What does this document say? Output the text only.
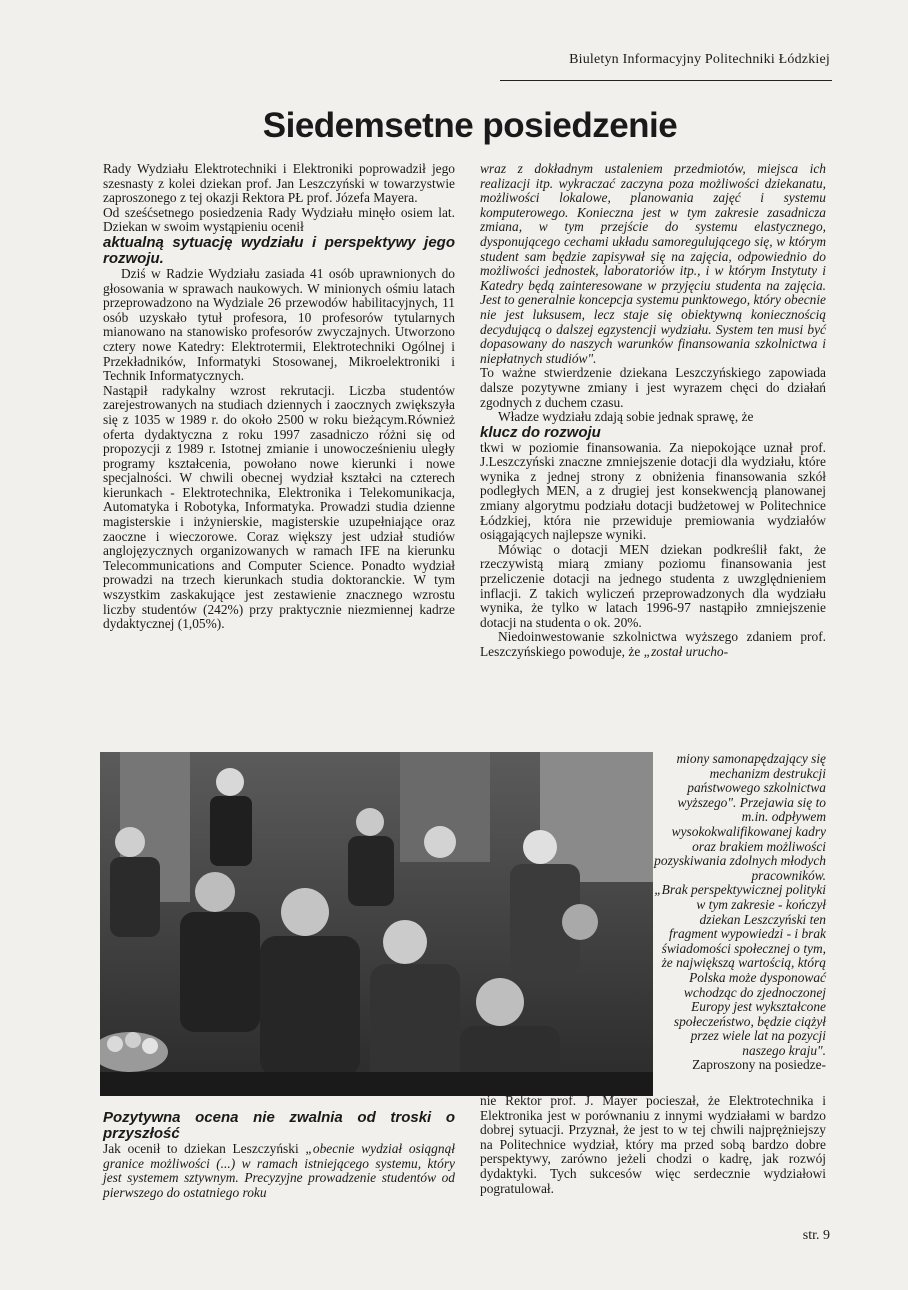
Biuletyn Informacyjny Politechniki Łódzkiej
Siedemsetne posiedzenie

Rady Wydziału Elektrotechniki i Elektroniki poprowadził jego szesnasty z kolei dziekan prof. Jan Leszczyński w towarzystwie zaproszonego z tej okazji Rektora PŁ prof. Józefa Mayera.

Od sześćsetnego posiedzenia Rady Wydziału minęło osiem lat. Dziekan w swoim wystąpieniu ocenił

aktualną sytuację wydziału i perspektywy jego rozwoju.

Dziś w Radzie Wydziału zasiada 41 osób uprawnionych do głosowania w sprawach naukowych. W minionych ośmiu latach przeprowadzono na Wydziale 26 przewodów habilitacyjnych, 11 osób uzyskało tytuł profesora, 10 profesorów tytularnych mianowano na stanowisko profesorów zwyczajnych. Utworzono cztery nowe Katedry: Elektrotermii, Elektrotechniki Ogólnej i Przekładników, Informatyki Stosowanej, Mikroelektroniki i Technik Informatycznych.

Nastąpił radykalny wzrost rekrutacji. Liczba studentów zarejestrowanych na studiach dziennych i zaocznych zwiększyła się z 1035 w 1989 r. do około 2500 w roku bieżącym.Również oferta dydaktyczna z roku 1997 zasadniczo różni się od propozycji z 1989 r. Istotnej zmianie i unowocześnieniu uległy programy kształcenia, powołano nowe kierunki i nowe specjalności. W chwili obecnej wydział kształci na czterech kierunkach - Elektrotechnika, Elektronika i Telekomunikacja, Automatyka i Robotyka, Informatyka. Prowadzi studia dzienne magisterskie i inżynierskie, magisterskie uzupełniające oraz zaoczne i wieczorowe. Coraz większy jest udział studiów anglojęzycznych organizowanych w ramach IFE na kierunku Telecommunications and Computer Science. Ponadto wydział prowadzi na trzech kierunkach studia doktoranckie. W tym wszystkim zaskakujące jest zestawienie znacznego wzrostu liczby studentów (242%) przy praktycznie niezmiennej kadrze dydaktycznej (1,05%).

wraz z dokładnym ustaleniem przedmiotów, miejsca ich realizacji itp. wykraczać zaczyna poza możliwości dziekanatu, możliwości lokalowe, planowania zajęć i systemu komputerowego. Konieczna jest w tym zakresie zasadnicza zmiana, w tym przejście do systemu elastycznego, dysponującego cechami układu samoregulującego się, w którym student sam będzie zapisywał się na zajęcia, odpowiednio do możliwości jednostek, laboratoriów itp., i w którym Instytuty i Katedry będą zainteresowane w przyjęciu studenta na zajęcia. Jest to generalnie koncepcja systemu punktowego, który obecnie nie jest luksusem, lecz staje się obiektywną koniecznością decydującą o dalszej egzystencji wydziału. System ten musi być dopasowany do naszych warunków finansowania szkolnictwa i niepłatnych studiów".

To ważne stwierdzenie dziekana Leszczyńskiego zapowiada dalsze pozytywne zmiany i jest wyrazem chęci do działań zgodnych z duchem czasu.

Władze wydziału zdają sobie jednak sprawę, że

klucz do rozwoju

tkwi w poziomie finansowania. Za niepokojące uznał prof. J.Leszczyński znaczne zmniejszenie dotacji dla wydziału, które wynika z jednej strony z obniżenia finansowania szkół podległych MEN, a z drugiej jest konsekwencją planowanej zmiany algorytmu podziału dotacji budżetowej w Politechnice Łódzkiej, która nie przewiduje premiowania wydziałów osiągających najlepsze wyniki.

Mówiąc o dotacji MEN dziekan podkreślił fakt, że rzeczywistą miarą zmiany poziomu finansowania jest przeliczenie dotacji na jednego studenta z uwzględnieniem inflacji. Z takich wyliczeń przeprowadzonych dla wydziału wynika, że tylko w latach 1996-97 nastąpiło zmniejszenie dotacji na studenta o ok. 20%.

Niedoinwestowanie szkolnictwa wyższego zdaniem prof. Leszczyńskiego powoduje, że „został urucho-

miony samonapędzający się mechanizm destrukcji państwowego szkolnictwa wyższego". Przejawia się to m.in. odpływem wysokokwalifikowanej kadry oraz brakiem możliwości pozyskiwania zdolnych młodych pracowników.

„Brak perspektywicznej polityki w tym zakresie - kończył dziekan Leszczyński ten fragment wypowiedzi - i brak świadomości społecznej o tym, że największą wartością, którą Polska może dysponować wchodząc do zjednoczonej Europy jest wykształcone społeczeństwo, będzie ciążył przez wiele lat na pozycji naszego kraju".

Zaproszony na posiedze-

Pozytywna ocena nie zwalnia od troski o przyszłość

Jak ocenił to dziekan Leszczyński „obecnie wydział osiągnął granice możliwości (...) w ramach istniejącego systemu, który jest systemem sztywnym. Precyzyjne prowadzenie studentów od pierwszego do ostatniego roku

nie Rektor prof. J. Mayer pocieszał, że Elektrotechnika i Elektronika jest w porównaniu z innymi wydziałami w bardzo dobrej sytuacji. Przyznał, że jest to w tej chwili najprężniejszy na Politechnice wydział, który ma przed sobą bardzo dobre perspektywy, zarówno jeżeli chodzi o kadrę, jak rozwój dydaktyki. Tych sukcesów więc serdecznie wydziałowi pogratulował.

str. 9
